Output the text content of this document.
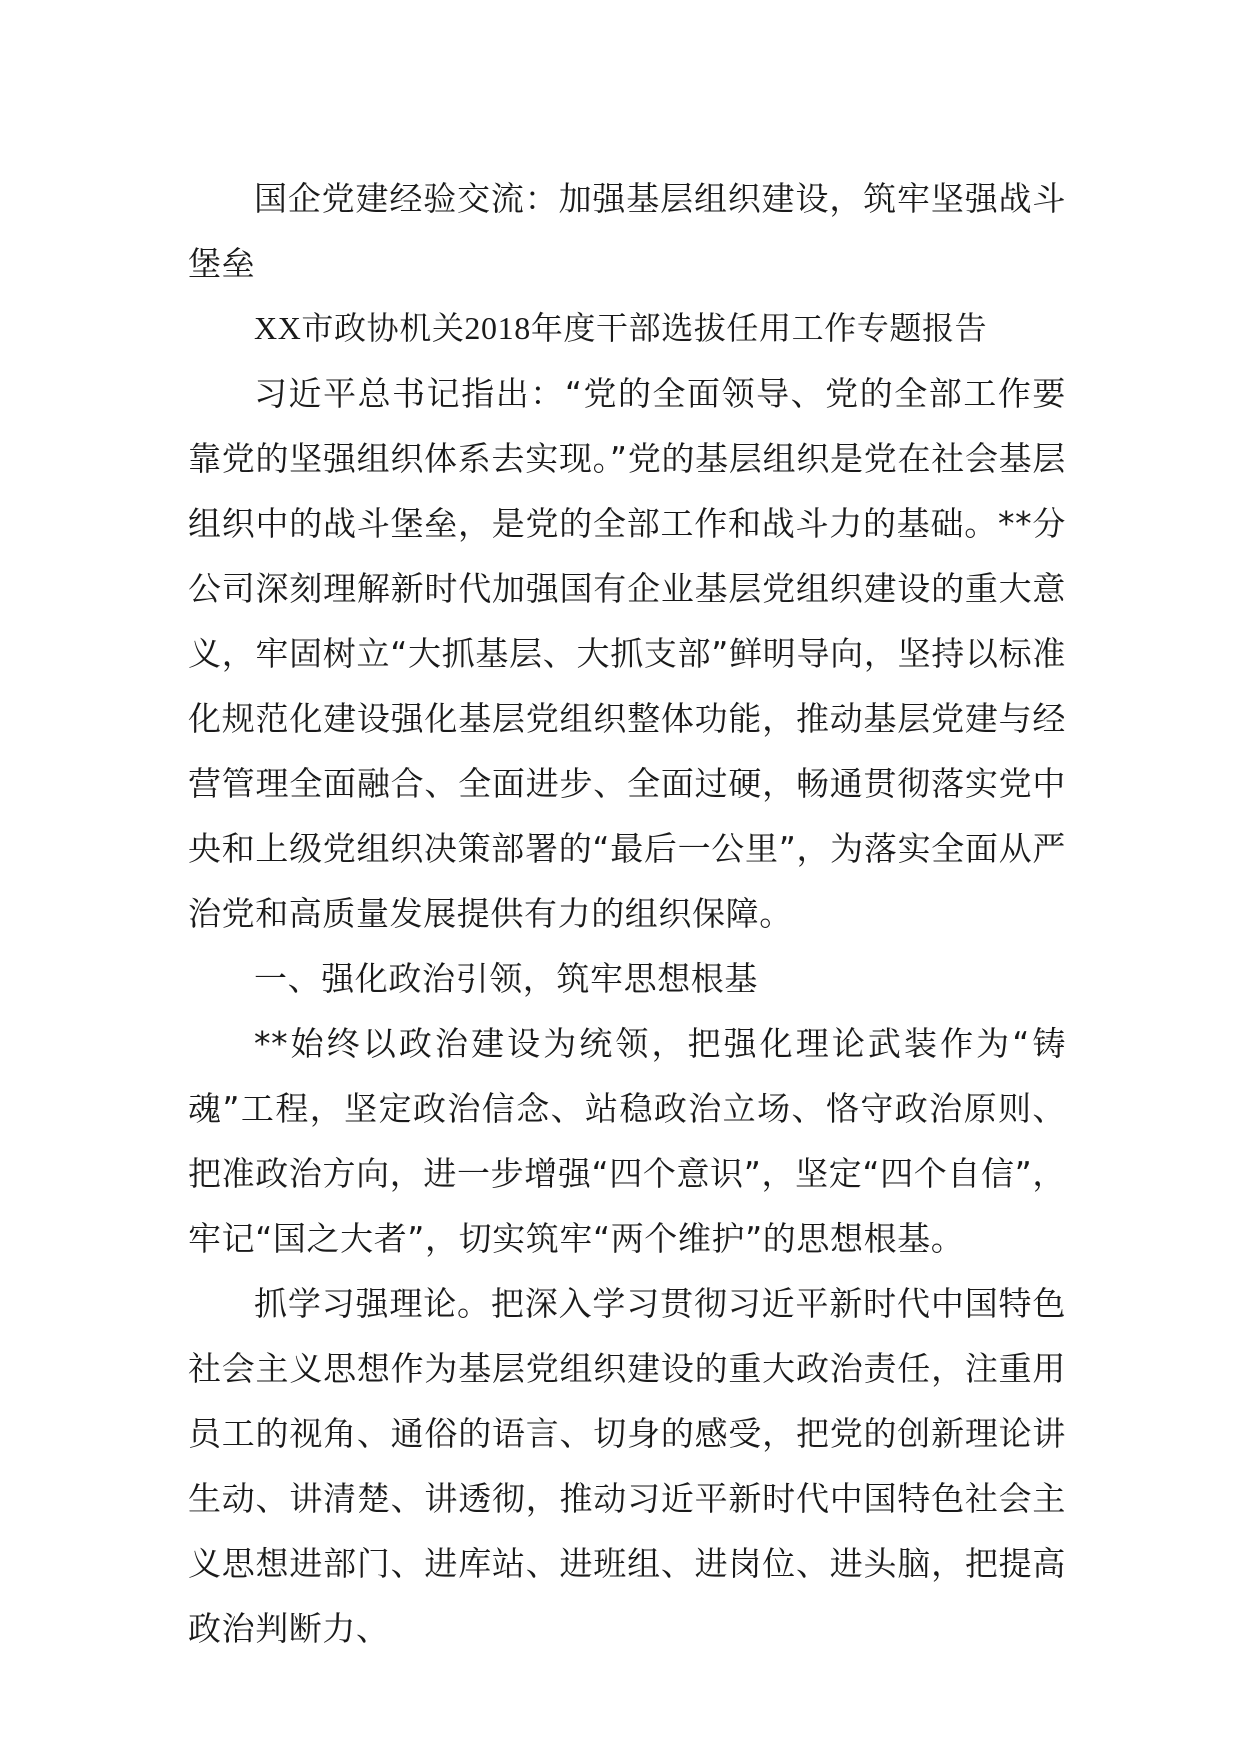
国企党建经验交流：加强基层组织建设，筑牢坚强战斗堡垒

XX市政协机关2018年度干部选拔任用工作专题报告

习近平总书记指出：“党的全面领导、党的全部工作要靠党的坚强组织体系去实现。”党的基层组织是党在社会基层组织中的战斗堡垒，是党的全部工作和战斗力的基础。**分公司深刻理解新时代加强国有企业基层党组织建设的重大意义，牢固树立“大抓基层、大抓支部”鲜明导向，坚持以标准化规范化建设强化基层党组织整体功能，推动基层党建与经营管理全面融合、全面进步、全面过硬，畅通贯彻落实党中央和上级党组织决策部署的“最后一公里”，为落实全面从严治党和高质量发展提供有力的组织保障。

一、强化政治引领，筑牢思想根基

**始终以政治建设为统领，把强化理论武装作为“铸魂”工程，坚定政治信念、站稳政治立场、恪守政治原则、把准政治方向，进一步增强“四个意识”，坚定“四个自信”，牢记“国之大者”，切实筑牢“两个维护”的思想根基。

抓学习强理论。把深入学习贯彻习近平新时代中国特色社会主义思想作为基层党组织建设的重大政治责任，注重用员工的视角、通俗的语言、切身的感受，把党的创新理论讲生动、讲清楚、讲透彻，推动习近平新时代中国特色社会主义思想进部门、进库站、进班组、进岗位、进头脑，把提高政治判断力、
